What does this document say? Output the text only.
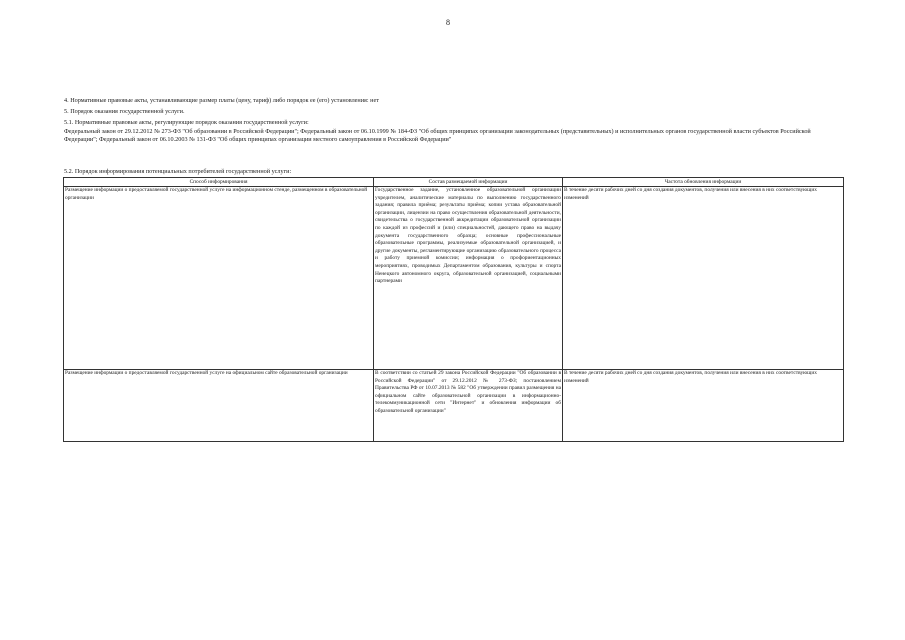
8
4. Нормативные правовые акты, устанавливающие размер платы (цену, тариф) либо порядок ее (его) установления: нет
5. Порядок оказания государственной услуги.
5.1. Нормативные правовые акты, регулирующие порядок оказания государственной услуги:
Федеральный закон от 29.12.2012 № 273-ФЗ "Об образовании в Российской Федерации"; Федеральный закон от 06.10.1999 № 184-ФЗ "Об общих принципах организации законодательных (представительных) и исполнительных органов государственной власти субъектов Российской Федерации"; Федеральный закон от 06.10.2003 № 131-ФЗ "Об общих принципах организации местного самоуправления в Российской Федерации"
5.2. Порядок информирования потенциальных потребителей государственной услуги:
Способ информирования	Состав размещаемой информации	Частота обновления информации
Размещение информации о предоставляемой государственной услуге на информационном стенде, размещенном в образовательной организации	Государственное задание, установленное образовательной организации учредителем, аналитические материалы по выполнению государственного задания; правила приёма; результаты приёма; копии устава образовательной организации, лицензии на право осуществления образовательной деятельности, свидетельства о государственной аккредитации образовательной организации по каждой из профессий и (или) специальностей, дающего право на выдачу документа государственного образца; основные профессиональные образовательные программы, реализуемые образовательной организацией, и другие документы, регламентирующие организацию образовательного процесса и работу приемной комиссии; информация о профориентационных мероприятиях, проводимых Департаментом образования, культуры и спорта Ненецкого автономного округа, образовательной организацией, социальными партнерами	В течение десяти рабочих дней со дня создания документов, получения или внесения в них соответствующих изменений
Размещение информации о предоставляемой государственной услуге на официальном сайте образовательной организации	В соответствии со статьей 29 закона Российской Федерации "Об образовании в Российской Федерации" от 29.12.2012 № 273-ФЗ; постановлением Правительства РФ от 10.07.2013 № 582 "Об утверждении правил размещения на официальном сайте образовательной организации в информационно-телекоммуникационной сети "Интернет" и обновления информации об образовательной организации"	В течение десяти рабочих дней со дня создания документов, получения или внесения в них соответствующих изменений
